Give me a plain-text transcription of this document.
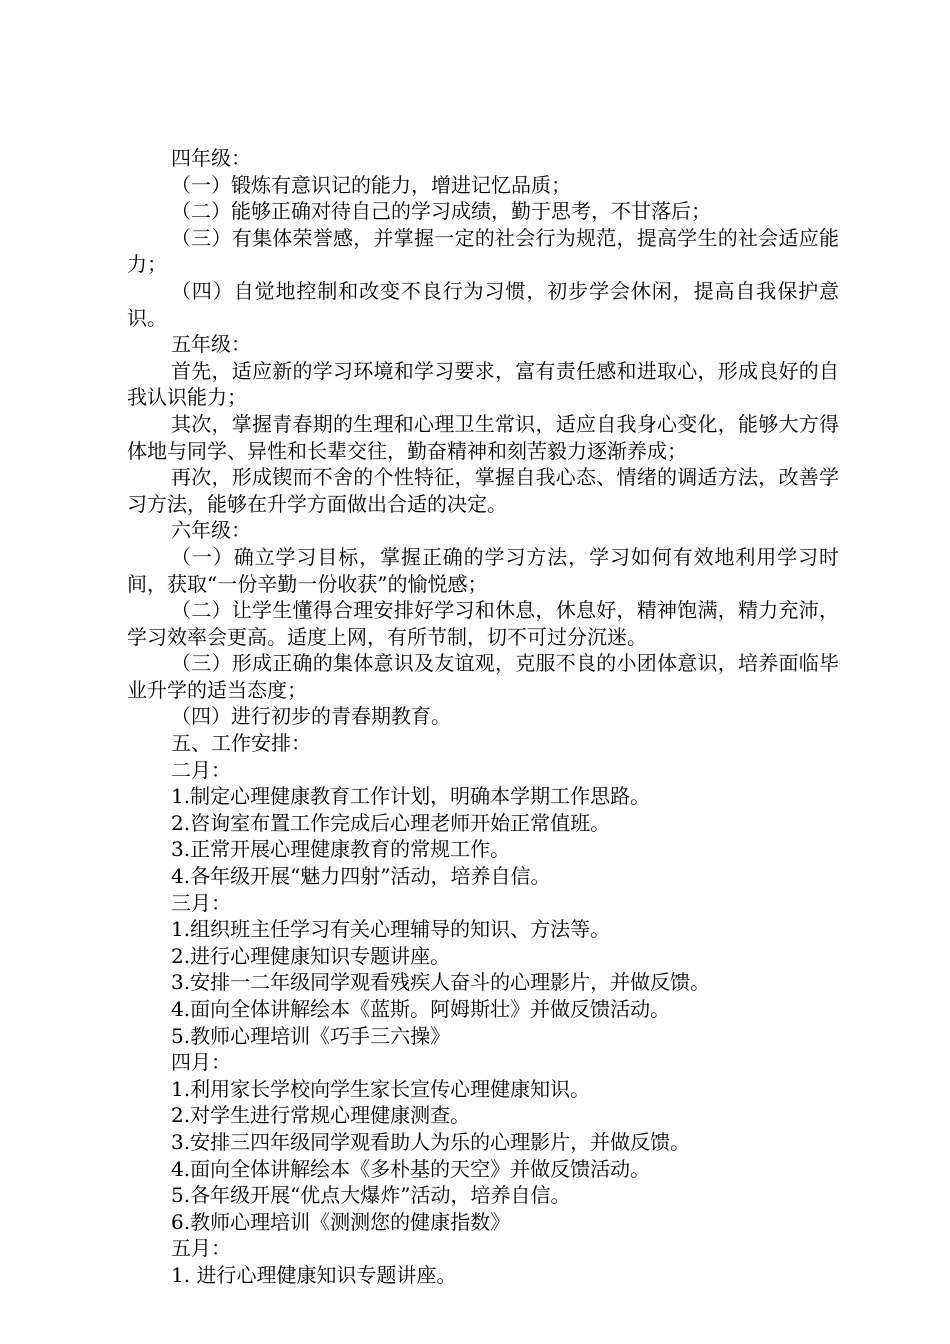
四年级：

（一）锻炼有意识记的能力，增进记忆品质；

（二）能够正确对待自己的学习成绩，勤于思考，不甘落后；

（三）有集体荣誉感，并掌握一定的社会行为规范，提高学生的社会适应能力；

（四）自觉地控制和改变不良行为习惯，初步学会休闲，提高自我保护意识。

五年级：

首先，适应新的学习环境和学习要求，富有责任感和进取心，形成良好的自我认识能力；

其次，掌握青春期的生理和心理卫生常识，适应自我身心变化，能够大方得体地与同学、异性和长辈交往，勤奋精神和刻苦毅力逐渐养成；

再次，形成锲而不舍的个性特征，掌握自我心态、情绪的调适方法，改善学习方法，能够在升学方面做出合适的决定。

六年级：

（一）确立学习目标，掌握正确的学习方法，学习如何有效地利用学习时间，获取“一份辛勤一份收获”的愉悦感；

（二）让学生懂得合理安排好学习和休息，休息好，精神饱满，精力充沛，学习效率会更高。适度上网，有所节制，切不可过分沉迷。

（三）形成正确的集体意识及友谊观，克服不良的小团体意识，培养面临毕业升学的适当态度；

（四）进行初步的青春期教育。

五、工作安排：

二月：

1.制定心理健康教育工作计划，明确本学期工作思路。

2.咨询室布置工作完成后心理老师开始正常值班。

3.正常开展心理健康教育的常规工作。

4.各年级开展“魅力四射”活动，培养自信。

三月：

1.组织班主任学习有关心理辅导的知识、方法等。

2.进行心理健康知识专题讲座。

3.安排一二年级同学观看残疾人奋斗的心理影片，并做反馈。

4.面向全体讲解绘本《蓝斯。阿姆斯壮》并做反馈活动。

5.教师心理培训《巧手三六操》

四月：

1.利用家长学校向学生家长宣传心理健康知识。

2.对学生进行常规心理健康测查。

3.安排三四年级同学观看助人为乐的心理影片，并做反馈。

4.面向全体讲解绘本《多朴基的天空》并做反馈活动。

5.各年级开展“优点大爆炸”活动，培养自信。

6.教师心理培训《测测您的健康指数》

五月：

1. 进行心理健康知识专题讲座。
